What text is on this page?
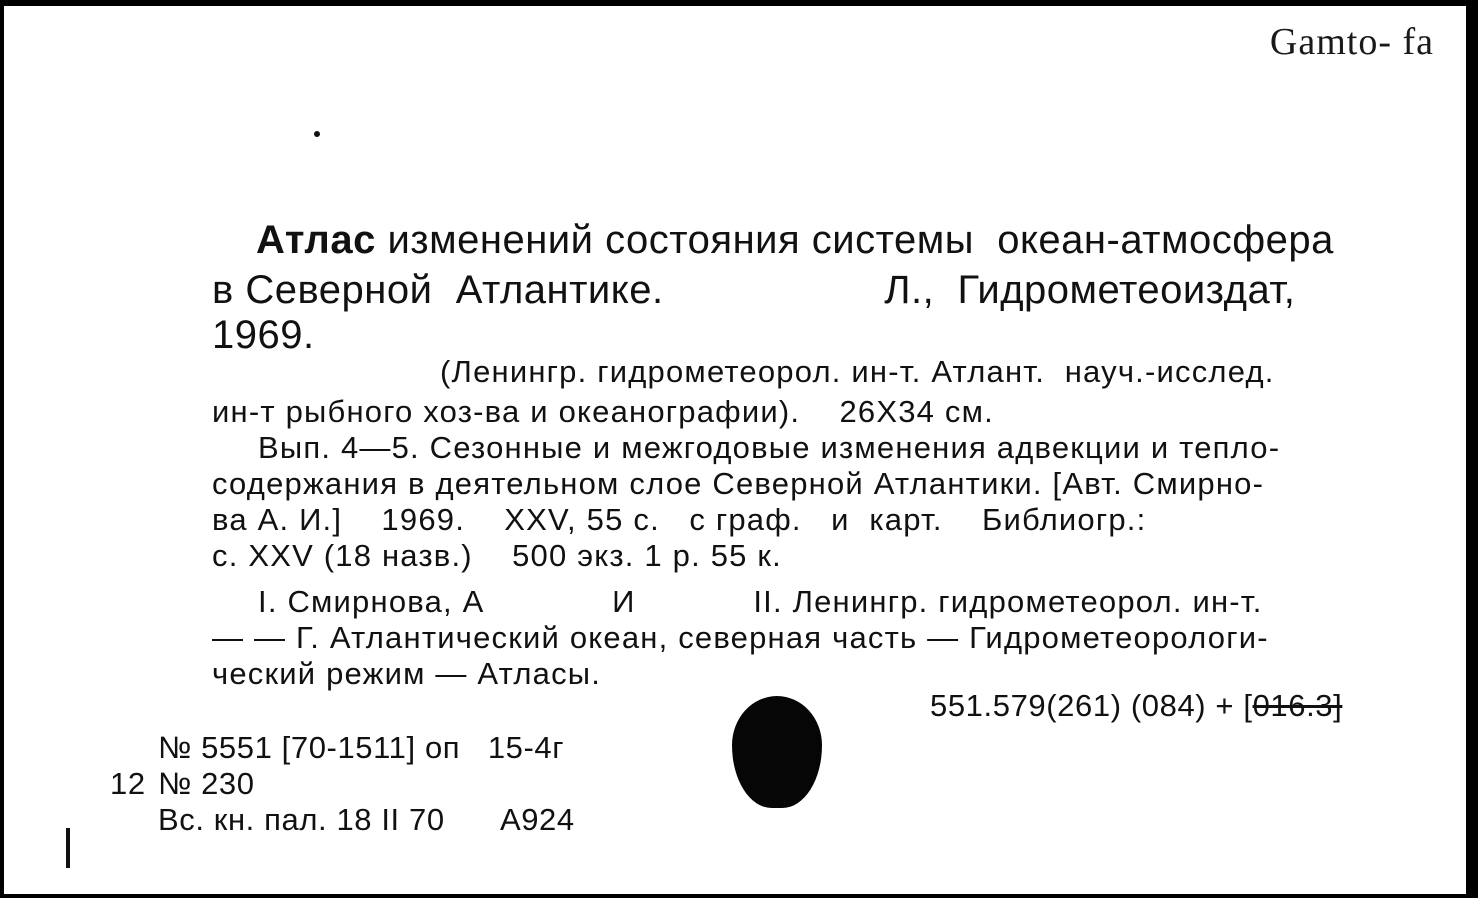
Gamto- fa
Атлас изменений состояния системы  океан-атмосфера
в Северной  Атлантике.                   Л.,  Гидрометеоиздат,
1969.
(Ленингр. гидрометеорол. ин-т. Атлант.  науч.-исслед.
ин-т рыбного хоз-ва и океанографии).    26X34 см.
Вып. 4—5. Сезонные и межгодовые изменения адвекции и тепло-
содержания в деятельном слое Северной Атлантики. [Авт. Смирно-
ва А. И.]    1969.    XXV, 55 с.   с граф.   и  карт.    Библиогр.:
с. XXV (18 назв.)    500 экз. 1 р. 55 к.
I. Смирнова, А             И            II. Ленингр. гидрометеорол. ин-т.
— — Г. Атлантический океан, северная часть — Гидрометеорологи-
ческий режим — Атласы.
551.579(261) (084) + [016.3]
№ 5551 [70-1511] оп   15-4г
12 № 230
Вс. кн. пал. 18 II 70      А924
